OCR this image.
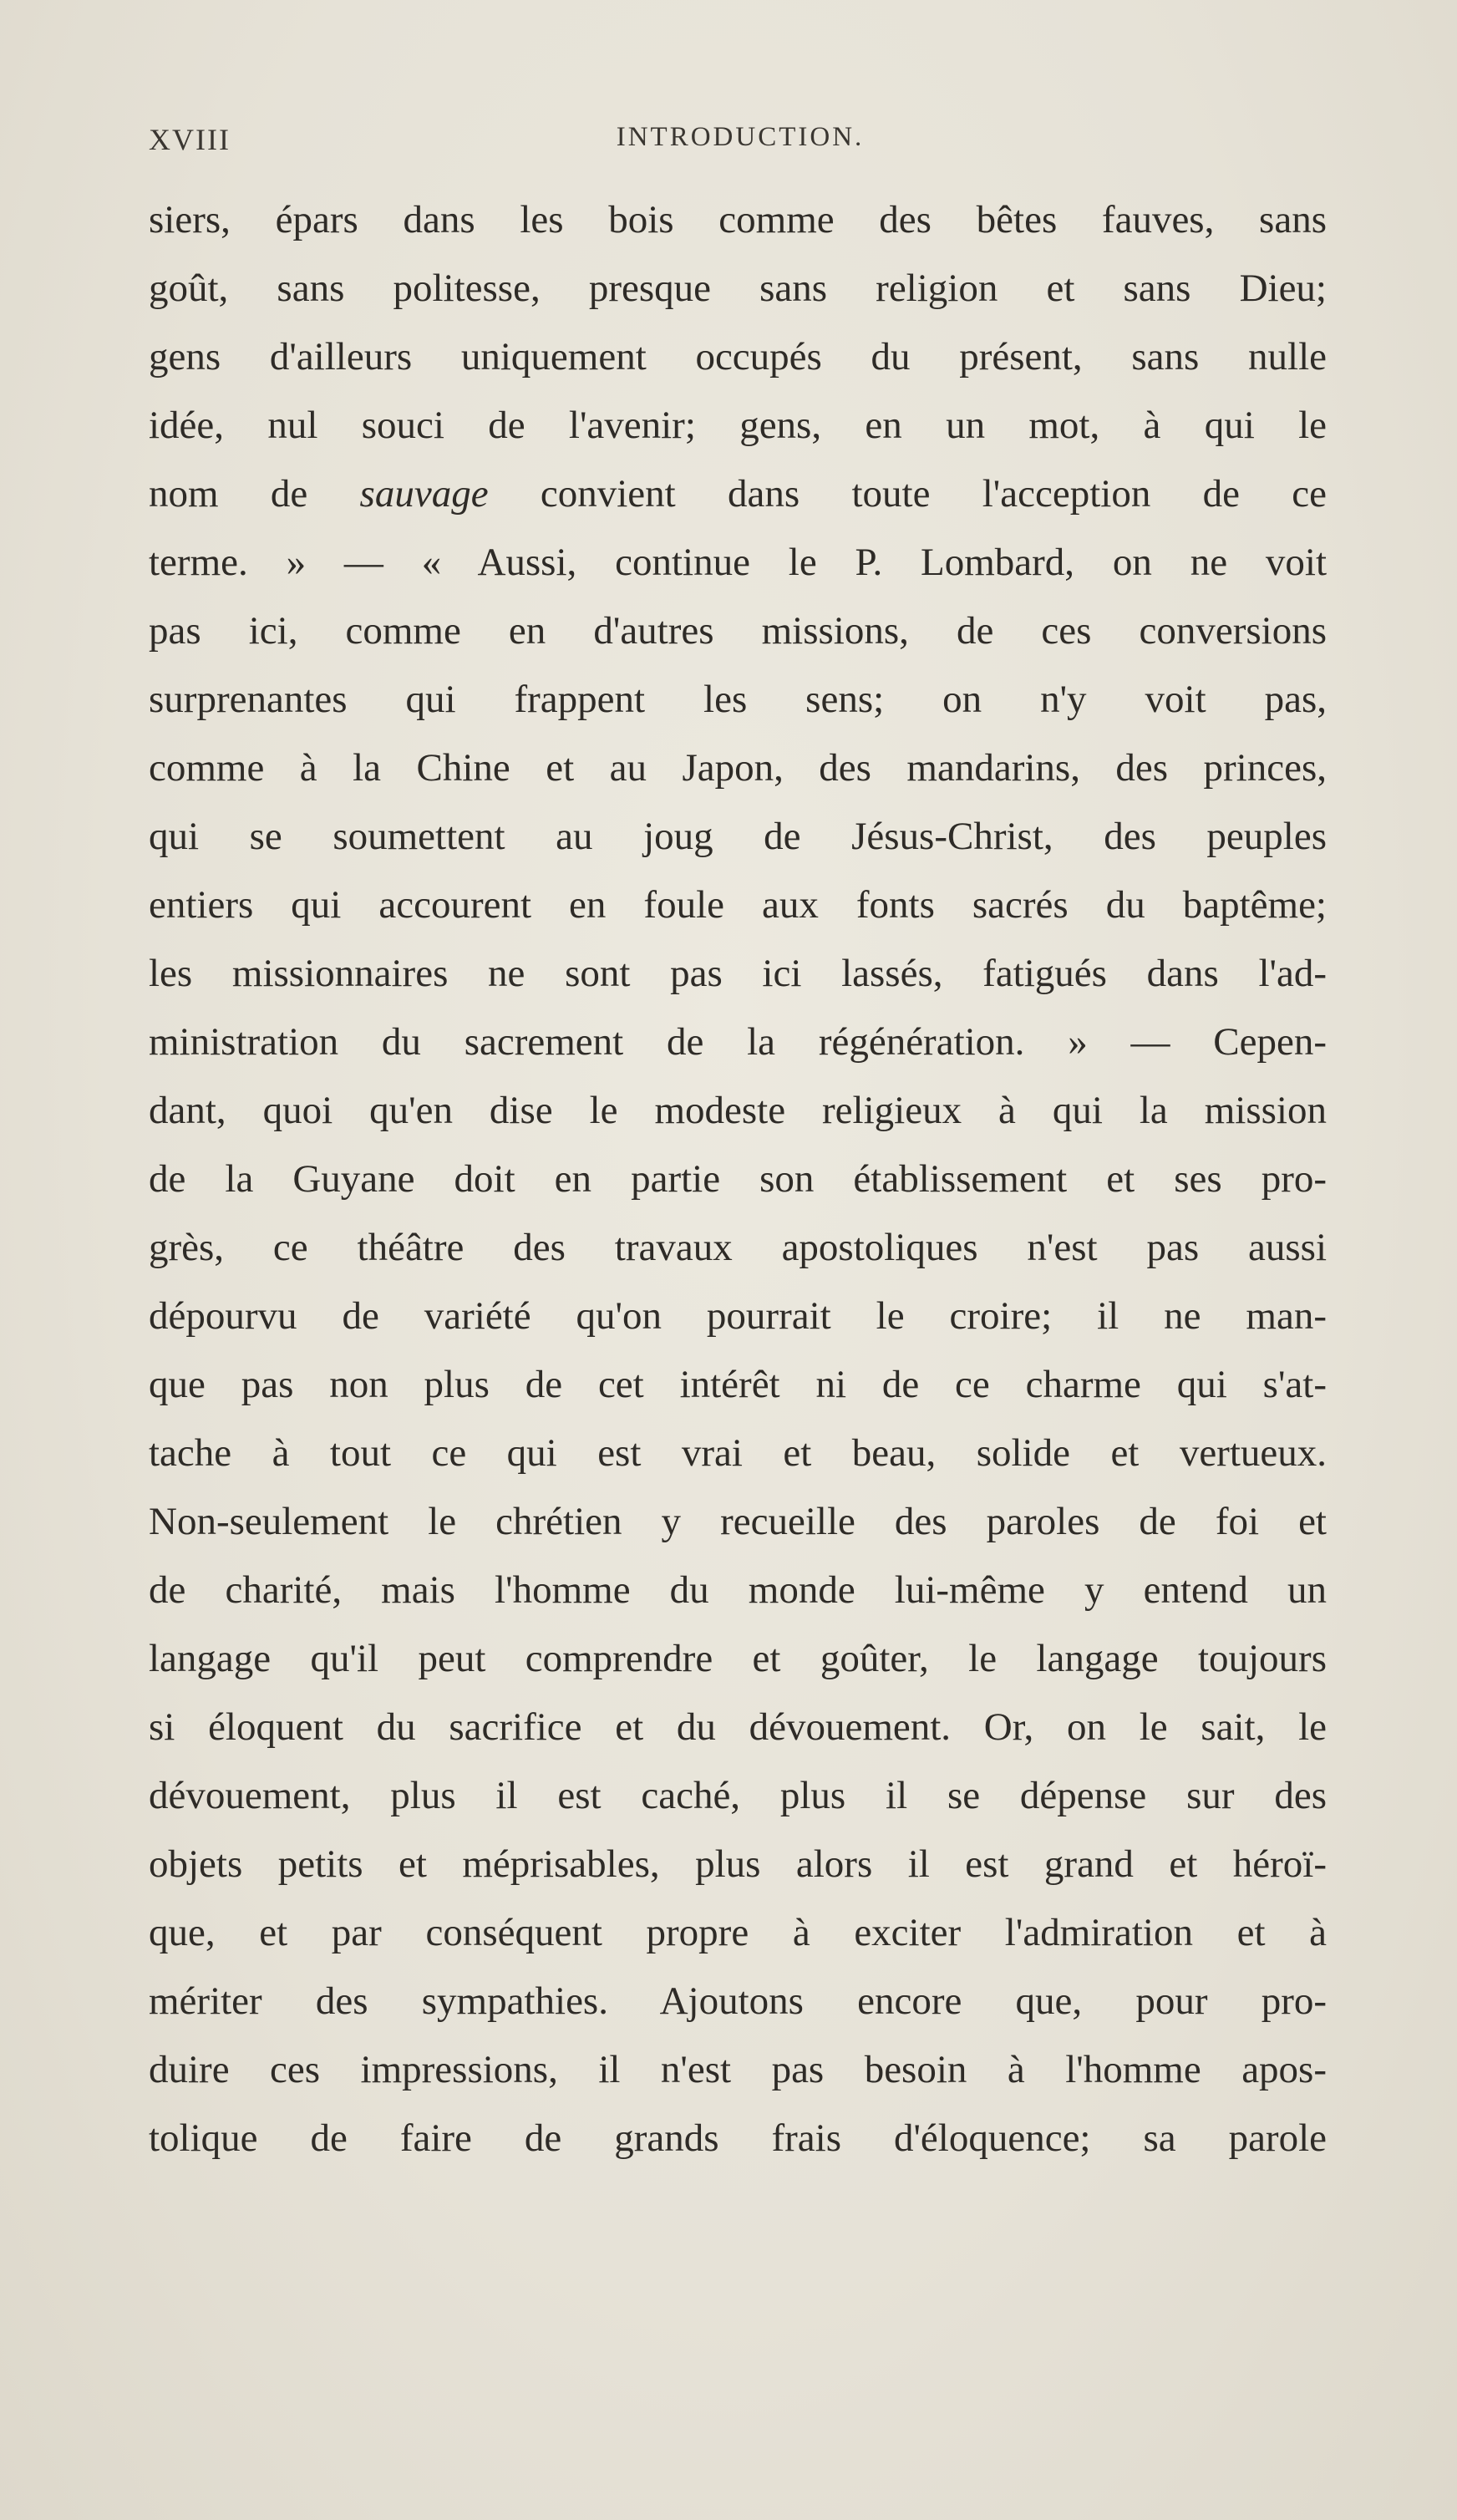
XVIII	INTRODUCTION.
siers, épars dans les bois comme des bêtes fauves, sans
goût, sans politesse, presque sans religion et sans Dieu;
gens d'ailleurs uniquement occupés du présent, sans nulle
idée, nul souci de l'avenir; gens, en un mot, à qui le
nom de sauvage convient dans toute l'acception de ce
terme. » — « Aussi, continue le P. Lombard, on ne voit
pas ici, comme en d'autres missions, de ces conversions
surprenantes qui frappent les sens; on n'y voit pas,
comme à la Chine et au Japon, des mandarins, des princes,
qui se soumettent au joug de Jésus-Christ, des peuples
entiers qui accourent en foule aux fonts sacrés du baptême;
les missionnaires ne sont pas ici lassés, fatigués dans l'ad-
ministration du sacrement de la régénération. » — Cepen-
dant, quoi qu'en dise le modeste religieux à qui la mission
de la Guyane doit en partie son établissement et ses pro-
grès, ce théâtre des travaux apostoliques n'est pas aussi
dépourvu de variété qu'on pourrait le croire; il ne man-
que pas non plus de cet intérêt ni de ce charme qui s'at-
tache à tout ce qui est vrai et beau, solide et vertueux.
Non-seulement le chrétien y recueille des paroles de foi et
de charité, mais l'homme du monde lui-même y entend un
langage qu'il peut comprendre et goûter, le langage toujours
si éloquent du sacrifice et du dévouement. Or, on le sait, le
dévouement, plus il est caché, plus il se dépense sur des
objets petits et méprisables, plus alors il est grand et héroï-
que, et par conséquent propre à exciter l'admiration et à
mériter des sympathies. Ajoutons encore que, pour pro-
duire ces impressions, il n'est pas besoin à l'homme apos-
tolique de faire de grands frais d'éloquence; sa parole
